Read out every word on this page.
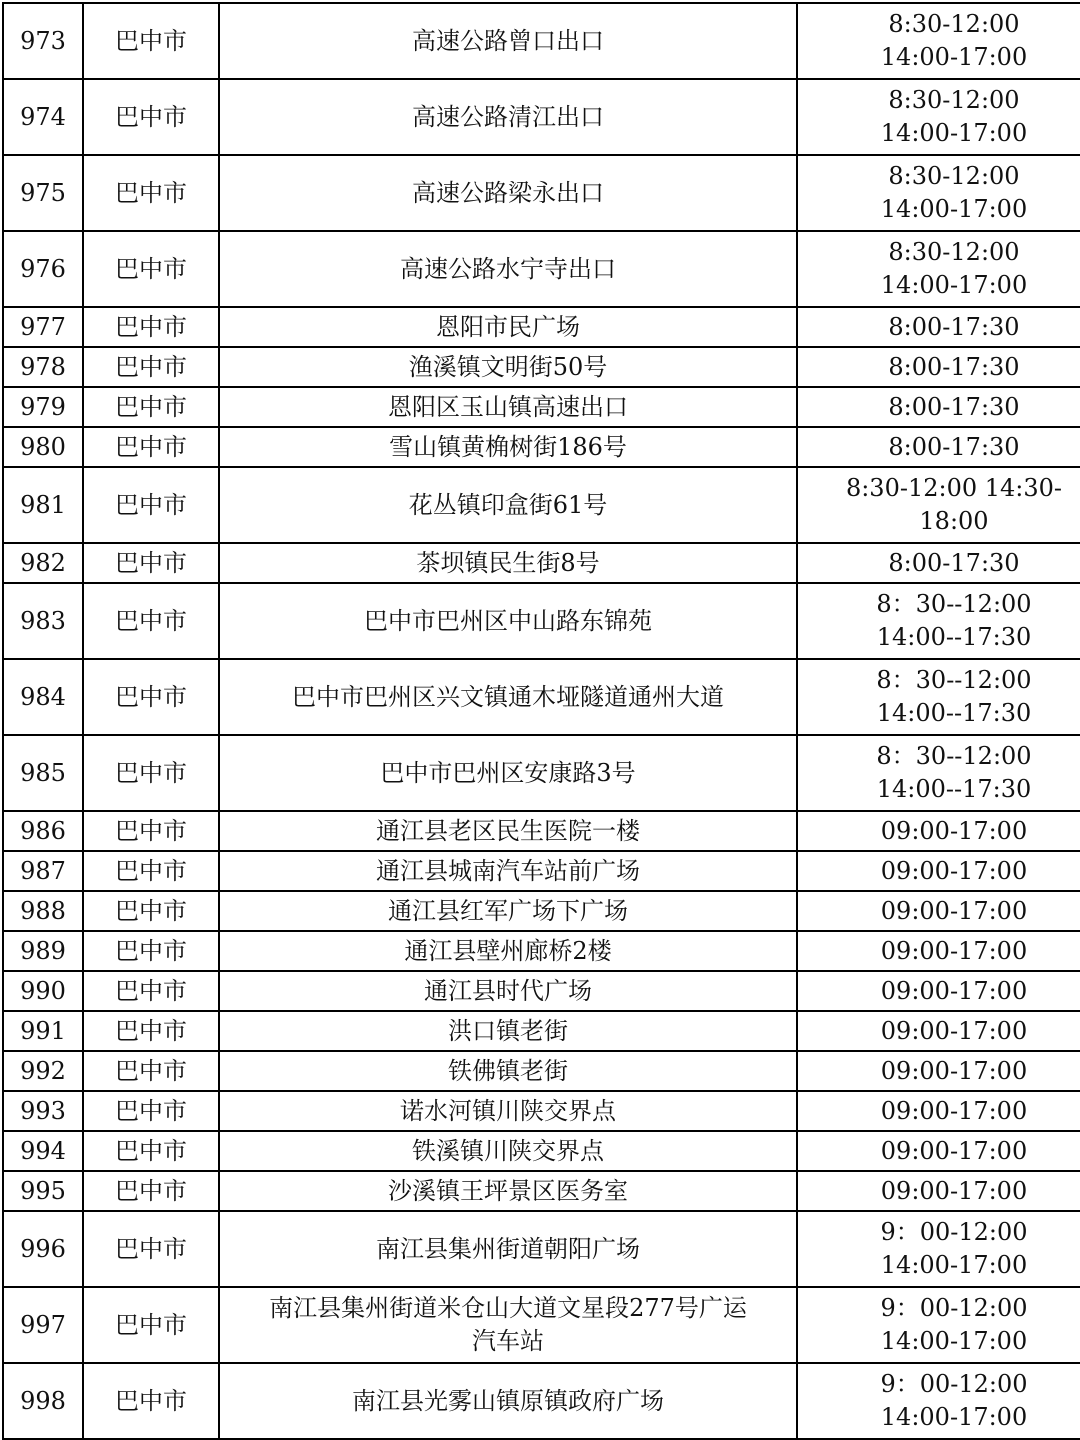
973	巴中市	高速公路曾口出口	8:30-12:00
14:00-17:00

974	巴中市	高速公路清江出口	8:30-12:00
14:00-17:00

975	巴中市	高速公路梁永出口	8:30-12:00
14:00-17:00

976	巴中市	高速公路水宁寺出口	8:30-12:00
14:00-17:00

977	巴中市	恩阳市民广场	8:00-17:30

978	巴中市	渔溪镇文明街50号	8:00-17:30

979	巴中市	恩阳区玉山镇高速出口	8:00-17:30

980	巴中市	雪山镇黄桷树街186号	8:00-17:30

981	巴中市	花丛镇印盒街61号	8:30-12:00 14:30-
18:00

982	巴中市	茶坝镇民生街8号	8:00-17:30

983	巴中市	巴中市巴州区中山路东锦苑	8：30--12:00
14:00--17:30

984	巴中市	巴中市巴州区兴文镇通木垭隧道通州大道	8：30--12:00
14:00--17:30

985	巴中市	巴中市巴州区安康路3号	8：30--12:00
14:00--17:30

986	巴中市	通江县老区民生医院一楼	09:00-17:00

987	巴中市	通江县城南汽车站前广场	09:00-17:00

988	巴中市	通江县红军广场下广场	09:00-17:00

989	巴中市	通江县壁州廊桥2楼	09:00-17:00

990	巴中市	通江县时代广场	09:00-17:00

991	巴中市	洪口镇老街	09:00-17:00

992	巴中市	铁佛镇老街	09:00-17:00

993	巴中市	诺水河镇川陕交界点	09:00-17:00

994	巴中市	铁溪镇川陕交界点	09:00-17:00

995	巴中市	沙溪镇王坪景区医务室	09:00-17:00

996	巴中市	南江县集州街道朝阳广场	9：00-12:00
14:00-17:00

997	巴中市	南江县集州街道米仓山大道文星段277号广运
汽车站	9：00-12:00
14:00-17:00

998	巴中市	南江县光雾山镇原镇政府广场	9：00-12:00
14:00-17:00
